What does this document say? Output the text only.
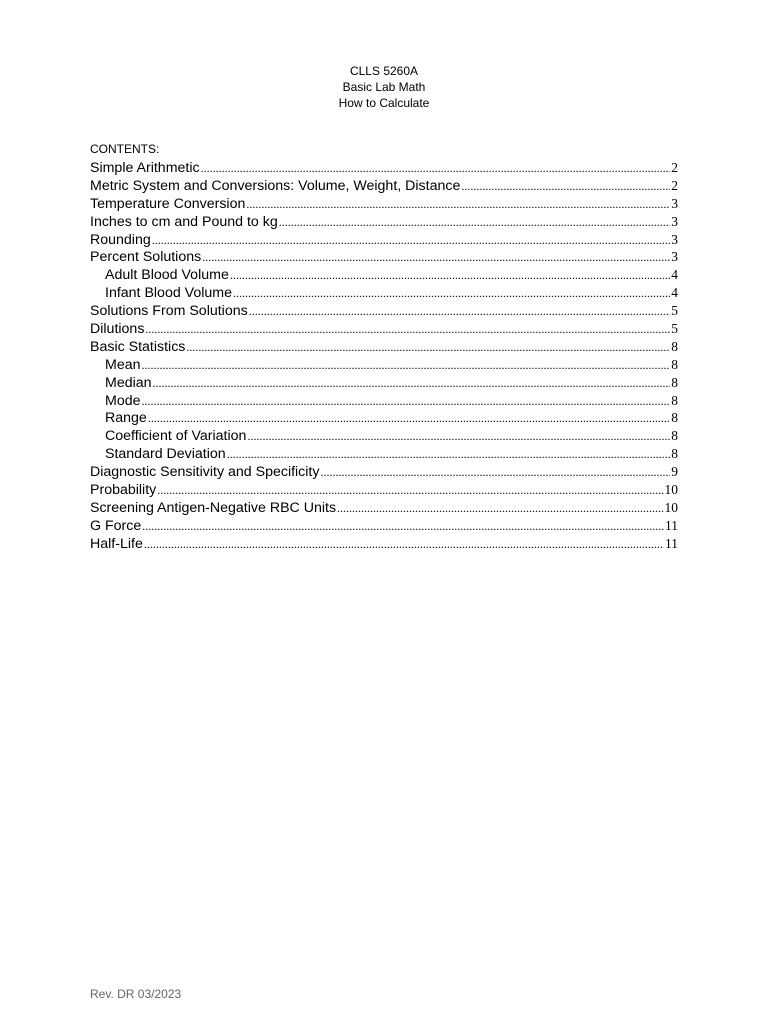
CLLS 5260A
Basic Lab Math
How to Calculate
CONTENTS:
Simple Arithmetic .....	2
Metric System and Conversions: Volume, Weight, Distance .....	2
Temperature Conversion .....	3
Inches to cm and Pound to kg .....	3
Rounding .....	3
Percent Solutions .....	3
Adult Blood Volume .....	4
Infant Blood Volume .....	4
Solutions From Solutions .....	5
Dilutions .....	5
Basic Statistics .....	8
Mean .....	8
Median .....	8
Mode .....	8
Range .....	8
Coefficient of Variation .....	8
Standard Deviation .....	8
Diagnostic Sensitivity and Specificity .....	9
Probability .....	10
Screening Antigen-Negative RBC Units .....	10
G Force .....	11
Half-Life .....	11
Rev. DR 03/2023
